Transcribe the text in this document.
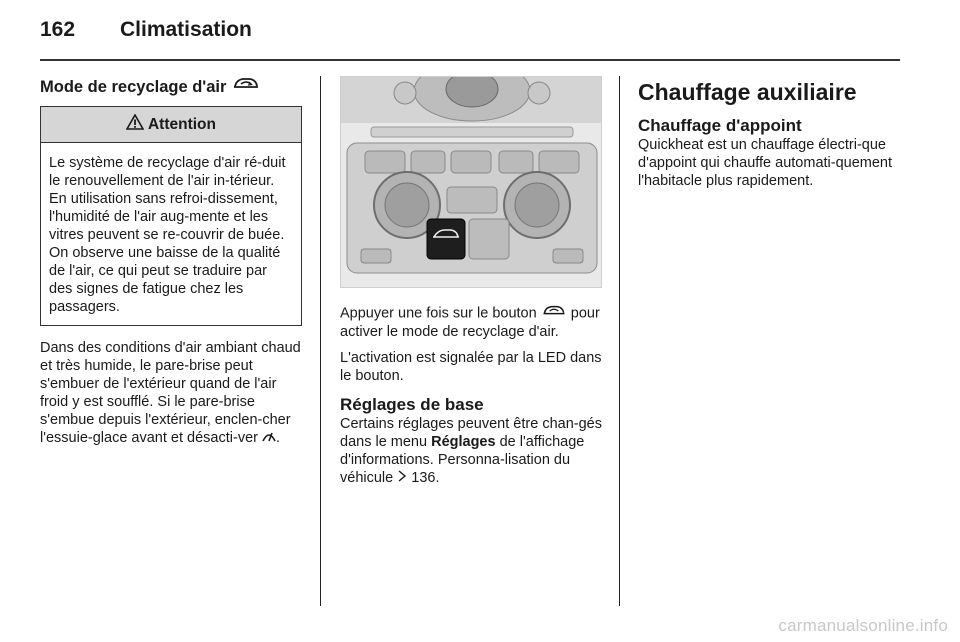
162 Climatisation
Mode de recyclage d'air
Attention
Le système de recyclage d'air ré-duit le renouvellement de l'air in-térieur. En utilisation sans refroi-dissement, l'humidité de l'air aug-mente et les vitres peuvent se re-couvrir de buée. On observe une baisse de la qualité de l'air, ce qui peut se traduire par des signes de fatigue chez les passagers.
Dans des conditions d'air ambiant chaud et très humide, le pare-brise peut s'embuer de l'extérieur quand de l'air froid y est soufflé. Si le pare-brise s'embue depuis l'extérieur, enclen-cher l'essuie-glace avant et désacti-ver .
Appuyer une fois sur le bouton pour activer le mode de recyclage d'air.
L'activation est signalée par la LED dans le bouton.
Réglages de base
Certains réglages peuvent être chan-gés dans le menu Réglages de l'affichage d'informations. Personna-lisation du véhicule 136.
Chauffage auxiliaire
Chauffage d'appoint
Quickheat est un chauffage électri-que d'appoint qui chauffe automati-quement l'habitacle plus rapidement.
carmanualsonline.info
